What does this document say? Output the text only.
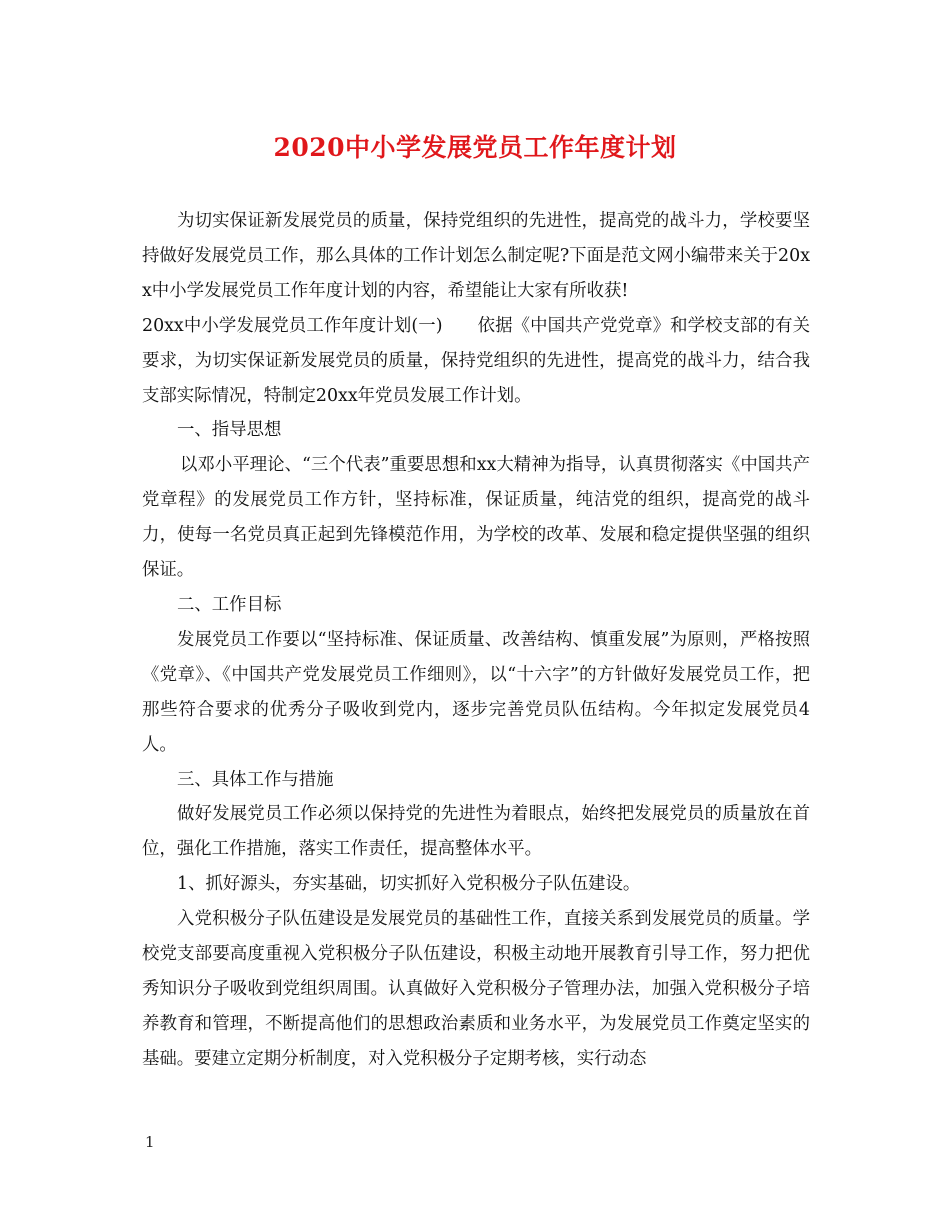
2020中小学发展党员工作年度计划

为切实保证新发展党员的质量，保持党组织的先进性，提高党的战斗力，学校要坚持做好发展党员工作，那么具体的工作计划怎么制定呢?下面是范文网小编带来关于20xx中小学发展党员工作年度计划的内容，希望能让大家有所收获!

20xx中小学发展党员工作年度计划(一)　　依据《中国共产党党章》和学校支部的有关要求，为切实保证新发展党员的质量，保持党组织的先进性，提高党的战斗力，结合我支部实际情况，特制定20xx年党员发展工作计划。

一、指导思想

以邓小平理论、“三个代表”重要思想和xx大精神为指导，认真贯彻落实《中国共产党章程》的发展党员工作方针，坚持标准，保证质量，纯洁党的组织，提高党的战斗力，使每一名党员真正起到先锋模范作用，为学校的改革、发展和稳定提供坚强的组织保证。

二、工作目标

发展党员工作要以“坚持标准、保证质量、改善结构、慎重发展”为原则，严格按照《党章》、《中国共产党发展党员工作细则》，以“十六字”的方针做好发展党员工作，把那些符合要求的优秀分子吸收到党内，逐步完善党员队伍结构。今年拟定发展党员4人。

三、具体工作与措施

做好发展党员工作必须以保持党的先进性为着眼点，始终把发展党员的质量放在首位，强化工作措施，落实工作责任，提高整体水平。

1、抓好源头，夯实基础，切实抓好入党积极分子队伍建设。

入党积极分子队伍建设是发展党员的基础性工作，直接关系到发展党员的质量。学校党支部要高度重视入党积极分子队伍建设，积极主动地开展教育引导工作，努力把优秀知识分子吸收到党组织周围。认真做好入党积极分子管理办法，加强入党积极分子培养教育和管理，不断提高他们的思想政治素质和业务水平，为发展党员工作奠定坚实的基础。要建立定期分析制度，对入党积极分子定期考核，实行动态

1
